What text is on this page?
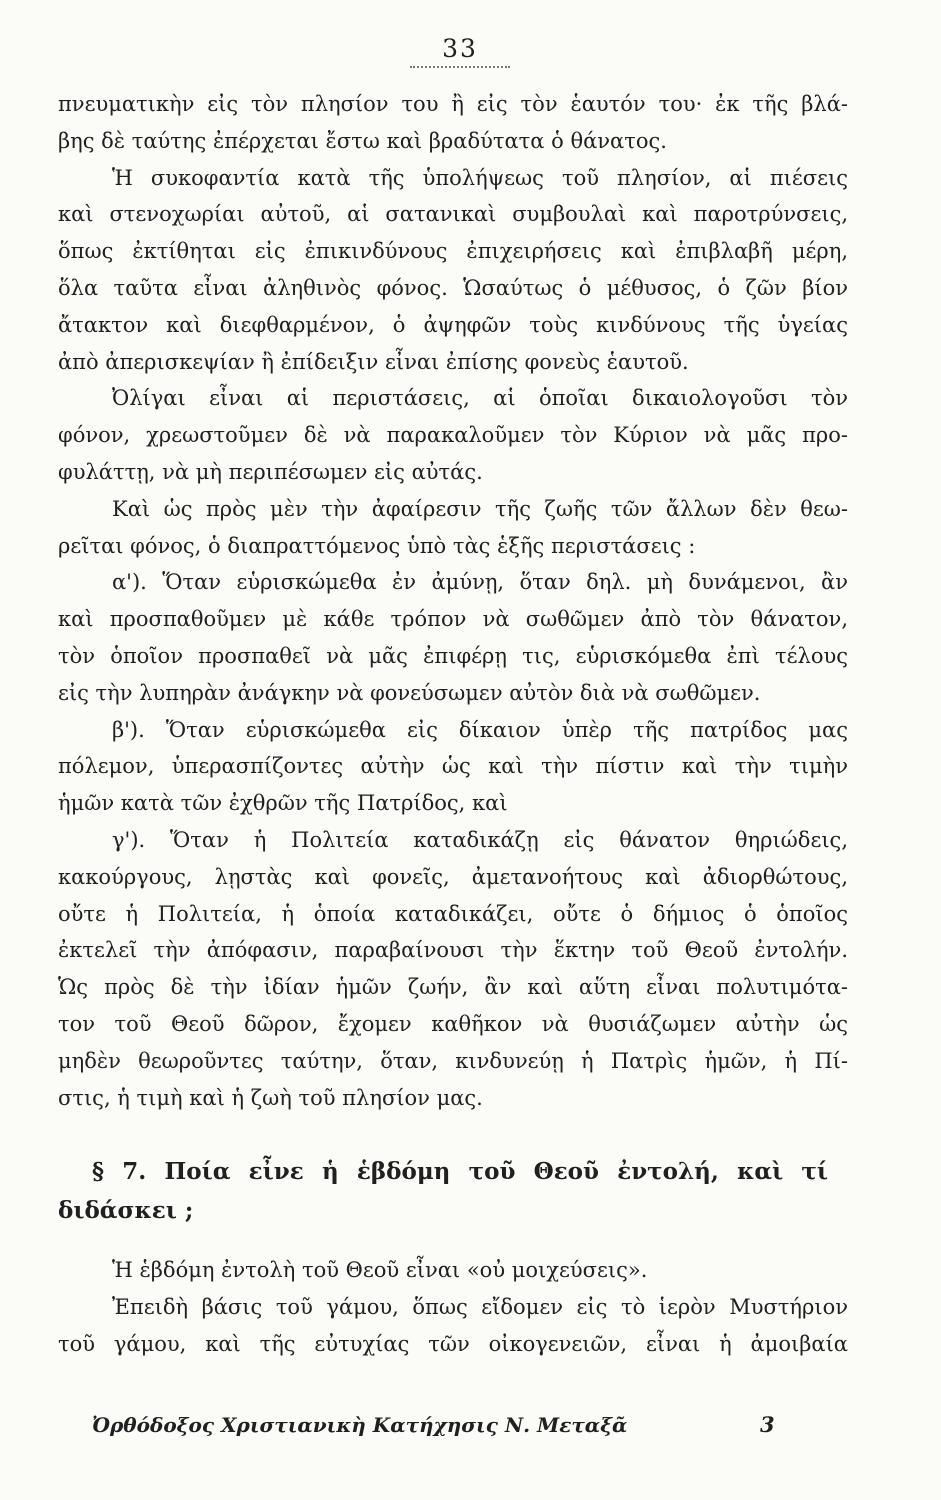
33
πνευματικὴν εἰς τὸν πλησίον του ἢ εἰς τὸν ἑαυτόν του· ἐκ τῆς βλά-
βης δὲ ταύτης ἐπέρχεται ἔστω καὶ βραδύτατα ὁ θάνατος.
Ἡ συκοφαντία κατὰ τῆς ὑπολήψεως τοῦ πλησίον, αἱ πιέσεις
καὶ στενοχωρίαι αὐτοῦ, αἱ σατανικαὶ συμβουλαὶ καὶ παροτρύνσεις,
ὅπως ἐκτίθηται εἰς ἐπικινδύνους ἐπιχειρήσεις καὶ ἐπιβλαβῆ μέρη,
ὅλα ταῦτα εἶναι ἀληθινὸς φόνος. Ὡσαύτως ὁ μέθυσος, ὁ ζῶν βίον
ἄτακτον καὶ διεφθαρμένον, ὁ ἀψηφῶν τοὺς κινδύνους τῆς ὑγείας
ἀπὸ ἀπερισκεψίαν ἢ ἐπίδειξιν εἶναι ἐπίσης φονεὺς ἑαυτοῦ.
Ὀλίγαι εἶναι αἱ περιστάσεις, αἱ ὁποῖαι δικαιολογοῦσι τὸν
φόνον, χρεωστοῦμεν δὲ νὰ παρακαλοῦμεν τὸν Κύριον νὰ μᾶς προ-
φυλάττῃ, νὰ μὴ περιπέσωμεν εἰς αὐτάς.
Καὶ ὡς πρὸς μὲν τὴν ἀφαίρεσιν τῆς ζωῆς τῶν ἄλλων δὲν θεω-
ρεῖται φόνος, ὁ διαπραττόμενος ὑπὸ τὰς ἑξῆς περιστάσεις :
α'). Ὅταν εὑρισκώμεθα ἐν ἀμύνῃ, ὅταν δηλ. μὴ δυνάμενοι, ἂν
καὶ προσπαθοῦμεν μὲ κάθε τρόπον νὰ σωθῶμεν ἀπὸ τὸν θάνατον,
τὸν ὁποῖον προσπαθεῖ νὰ μᾶς ἐπιφέρῃ τις, εὑρισκόμεθα ἐπὶ τέλους
εἰς τὴν λυπηρὰν ἀνάγκην νὰ φονεύσωμεν αὐτὸν διὰ νὰ σωθῶμεν.
β'). Ὅταν εὑρισκώμεθα εἰς δίκαιον ὑπὲρ τῆς πατρίδος μας
πόλεμον, ὑπερασπίζοντες αὐτὴν ὡς καὶ τὴν πίστιν καὶ τὴν τιμὴν
ἡμῶν κατὰ τῶν ἐχθρῶν τῆς Πατρίδος, καὶ
γ'). Ὅταν ἡ Πολιτεία καταδικάζῃ εἰς θάνατον θηριώδεις,
κακούργους, λῃστὰς καὶ φονεῖς, ἀμετανοήτους καὶ ἀδιορθώτους,
οὔτε ἡ Πολιτεία, ἡ ὁποία καταδικάζει, οὔτε ὁ δήμιος ὁ ὁποῖος
ἐκτελεῖ τὴν ἀπόφασιν, παραβαίνουσι τὴν ἕκτην τοῦ Θεοῦ ἐντολήν.
Ὡς πρὸς δὲ τὴν ἰδίαν ἡμῶν ζωήν, ἂν καὶ αὕτη εἶναι πολυτιμότα-
τον τοῦ Θεοῦ δῶρον, ἔχομεν καθῆκον νὰ θυσιάζωμεν αὐτὴν ὡς
μηδὲν θεωροῦντες ταύτην, ὅταν, κινδυνεύῃ ἡ Πατρὶς ἡμῶν, ἡ Πί-
στις, ἡ τιμὴ καὶ ἡ ζωὴ τοῦ πλησίον μας.
§ 7. Ποία εἶνε ἡ ἑβδόμη τοῦ Θεοῦ ἐντολή, καὶ τί
διδάσκει ;
Ἡ ἑβδόμη ἐντολὴ τοῦ Θεοῦ εἶναι «οὐ μοιχεύσεις».
Ἐπειδὴ βάσις τοῦ γάμου, ὅπως εἴδομεν εἰς τὸ ἱερὸν Μυστήριον
τοῦ γάμου, καὶ τῆς εὐτυχίας τῶν οἰκογενειῶν, εἶναι ἡ ἀμοιβαία
Ὀρθόδοξος Χριστιανικὴ Κατήχησις Ν. Μεταξᾶ	3
